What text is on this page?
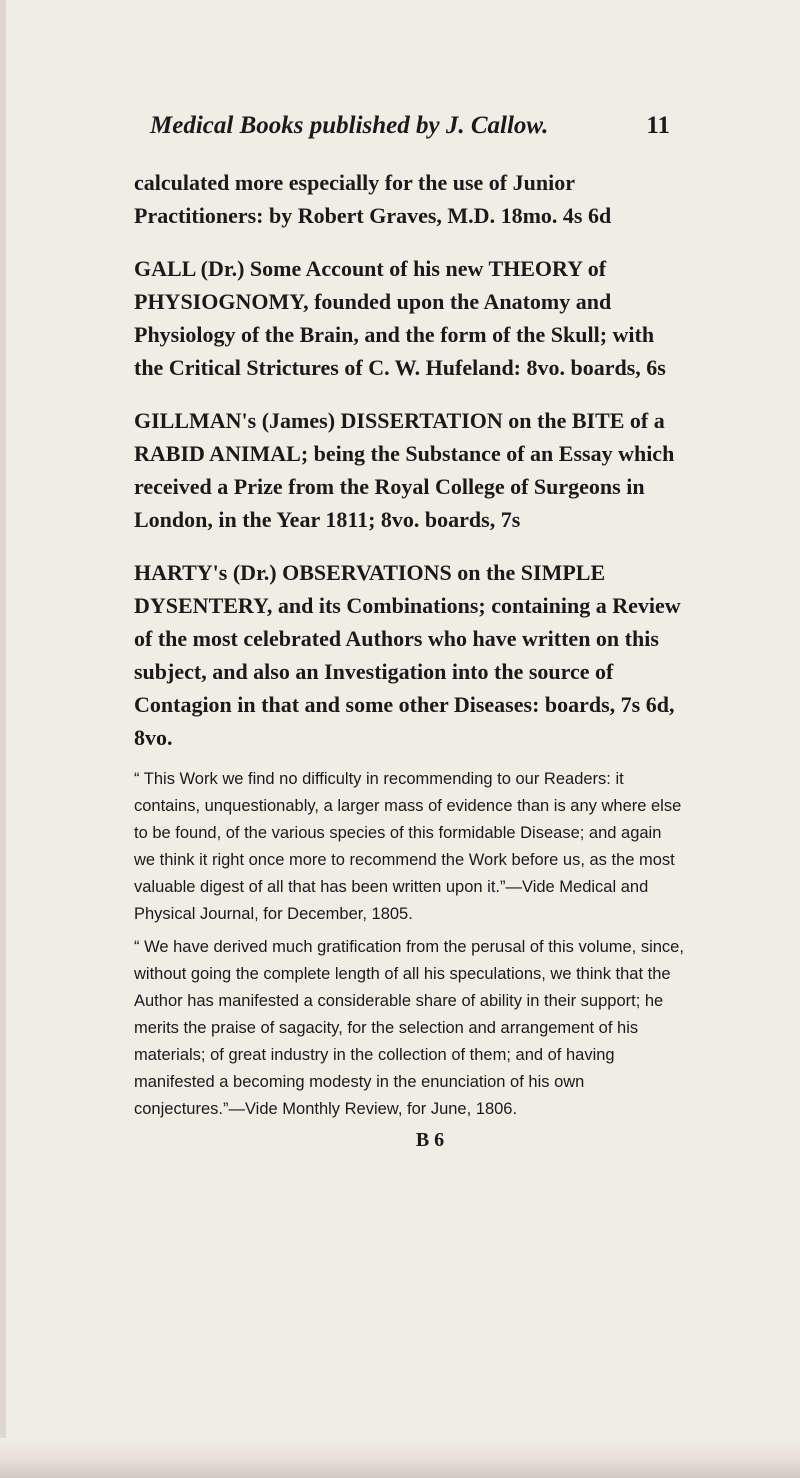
Medical Books published by J. Callow.	11

calculated more especially for the use of Junior Practitioners: by Robert Graves, M.D. 18mo. 4s 6d

GALL (Dr.) Some Account of his new THEORY of PHYSIOGNOMY, founded upon the Anatomy and Physiology of the Brain, and the form of the Skull; with the Critical Strictures of C. W. Hufeland: 8vo. boards, 6s

GILLMAN's (James) DISSERTATION on the BITE of a RABID ANIMAL; being the Substance of an Essay which received a Prize from the Royal College of Surgeons in London, in the Year 1811; 8vo. boards, 7s

HARTY's (Dr.) OBSERVATIONS on the SIMPLE DYSENTERY, and its Combinations; containing a Review of the most celebrated Authors who have written on this subject, and also an Investigation into the source of Contagion in that and some other Diseases: boards, 7s 6d, 8vo.

“ This Work we find no difficulty in recommending to our Readers: it contains, unquestionably, a larger mass of evidence than is any where else to be found, of the various species of this formidable Disease; and again we think it right once more to recommend the Work before us, as the most valuable digest of all that has been written upon it.”—Vide Medical and Physical Journal, for December, 1805.

“ We have derived much gratification from the perusal of this volume, since, without going the complete length of all his speculations, we think that the Author has manifested a considerable share of ability in their support; he merits the praise of sagacity, for the selection and arrangement of his materials; of great industry in the collection of them; and of having manifested a becoming modesty in the enunciation of his own conjectures.”—Vide Monthly Review, for June, 1806.

B 6
